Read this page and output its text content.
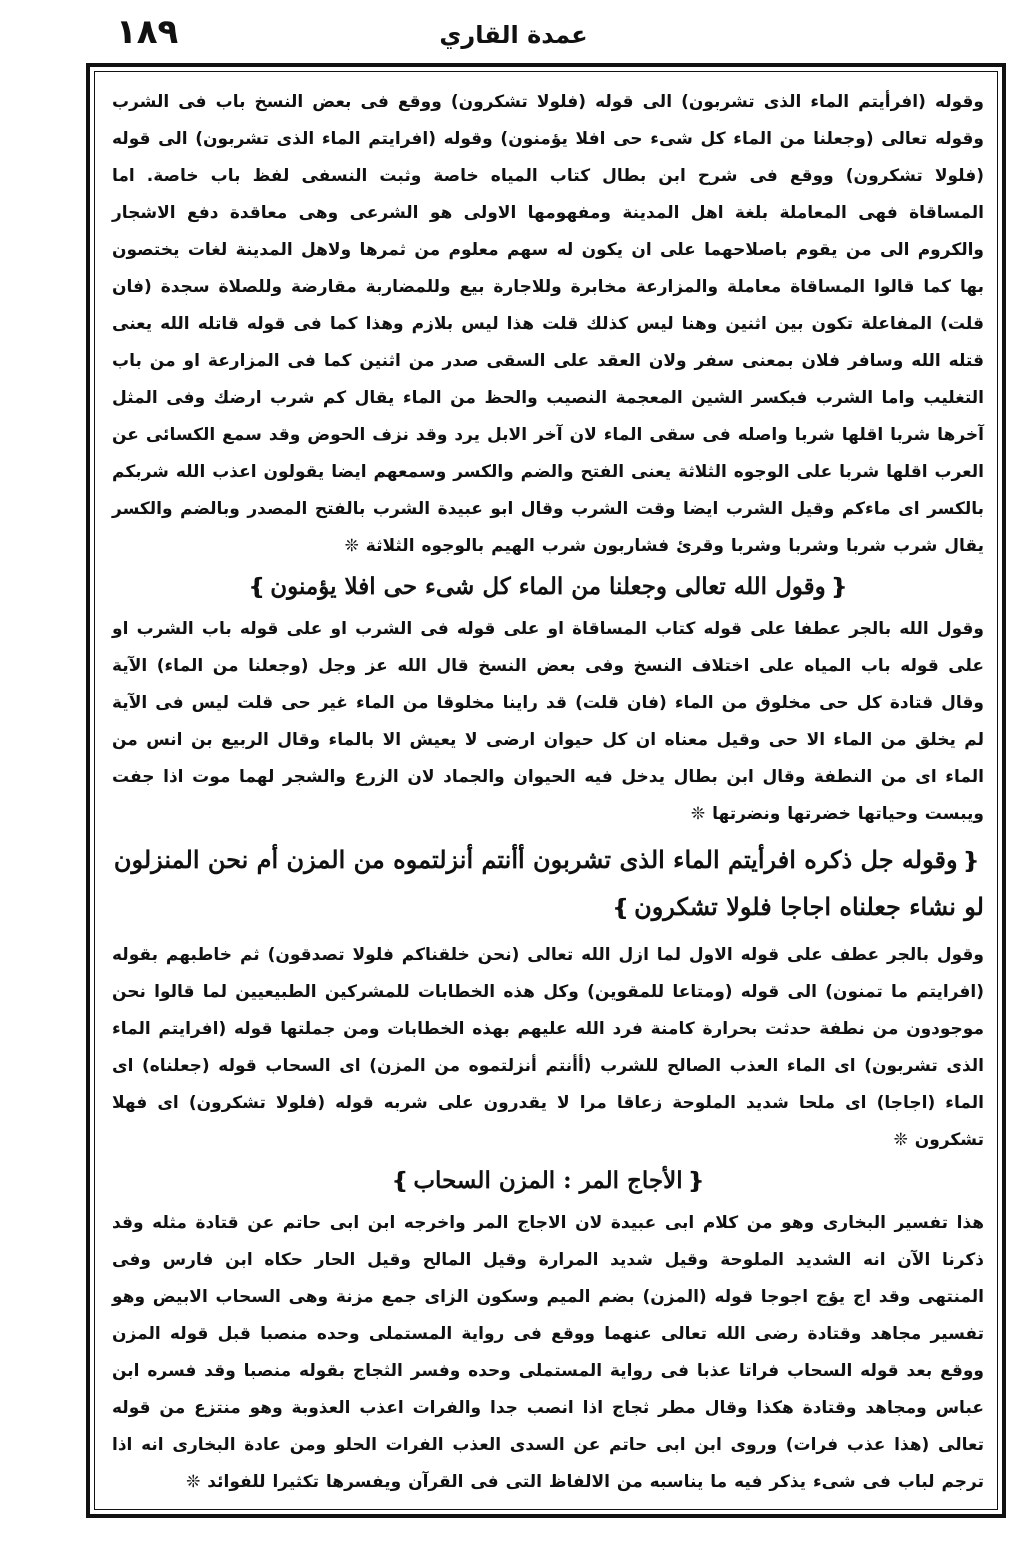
١٨٩	عمدة القاري

وقوله (افرأيتم الماء الذى تشربون) الى قوله (فلولا تشكرون) ووقع فى بعض النسخ باب فى الشرب وقوله تعالى (وجعلنا من الماء كل شىء حى افلا يؤمنون) وقوله (افرايتم الماء الذى تشربون) الى قوله (فلولا تشكرون) ووقع فى شرح ابن بطال كتاب المياه خاصة وثبت النسفى لفظ باب خاصة. اما المساقاة فهى المعاملة بلغة اهل المدينة ومفهومها الاولى هو الشرعى وهى معاقدة دفع الاشجار والكروم الى من يقوم باصلاحهما على ان يكون له سهم معلوم من ثمرها ولاهل المدينة لغات يختصون بها كما قالوا المساقاة معاملة والمزارعة مخابرة وللاجارة بيع وللمضاربة مقارضة وللصلاة سجدة (فان قلت) المفاعلة تكون بين اثنين وهنا ليس كذلك قلت هذا ليس بلازم وهذا كما فى قوله قاتله الله يعنى قتله الله وسافر فلان بمعنى سفر ولان العقد على السقى صدر من اثنين كما فى المزارعة او من باب التغليب واما الشرب فبكسر الشين المعجمة النصيب والحظ من الماء يقال كم شرب ارضك وفى المثل آخرها شربا اقلها شربا واصله فى سقى الماء لان آخر الابل يرد وقد نزف الحوض وقد سمع الكسائى عن العرب اقلها شربا على الوجوه الثلاثة يعنى الفتح والضم والكسر وسمعهم ايضا يقولون اعذب الله شربكم بالكسر اى ماءكم وقيل الشرب ايضا وقت الشرب وقال ابو عبيدة الشرب بالفتح المصدر وبالضم والكسر يقال شرب شربا وشربا وشربا وقرئ فشاربون شرب الهيم بالوجوه الثلاثة ❊

❴وقول الله تعالى وجعلنا من الماء كل شىء حى افلا يؤمنون❵

وقول الله بالجر عطفا على قوله كتاب المساقاة او على قوله فى الشرب او على قوله باب الشرب او على قوله باب المياه على اختلاف النسخ وفى بعض النسخ قال الله عز وجل (وجعلنا من الماء) الآية وقال قتادة كل حى مخلوق من الماء (فان قلت) قد راينا مخلوقا من الماء غير حى قلت ليس فى الآية لم يخلق من الماء الا حى وقيل معناه ان كل حيوان ارضى لا يعيش الا بالماء وقال الربيع بن انس من الماء اى من النطفة وقال ابن بطال يدخل فيه الحيوان والجماد لان الزرع والشجر لهما موت اذا جفت ويبست وحياتها خضرتها ونضرتها ❊

❴وقوله جل ذكره افرأيتم الماء الذى تشربون أأنتم أنزلتموه من المزن أم نحن المنزلون لو نشاء جعلناه اجاجا فلولا تشكرون❵

وقول بالجر عطف على قوله الاول لما ازل الله تعالى (نحن خلقناكم فلولا تصدقون) ثم خاطبهم بقوله (افرايتم ما تمنون) الى قوله (ومتاعا للمقوين) وكل هذه الخطابات للمشركين الطبيعيين لما قالوا نحن موجودون من نطفة حدثت بحرارة كامنة فرد الله عليهم بهذه الخطابات ومن جملتها قوله (افرايتم الماء الذى تشربون) اى الماء العذب الصالح للشرب (أأنتم أنزلتموه من المزن) اى السحاب قوله (جعلناه) اى الماء (اجاجا) اى ملحا شديد الملوحة زعاقا مرا لا يقدرون على شربه قوله (فلولا تشكرون) اى فهلا تشكرون ❊

❴الأجاج المر : المزن السحاب❵

هذا تفسير البخارى وهو من كلام ابى عبيدة لان الاجاج المر واخرجه ابن ابى حاتم عن قتادة مثله وقد ذكرنا الآن انه الشديد الملوحة وقيل شديد المرارة وقيل المالح وقيل الحار حكاه ابن فارس وفى المنتهى وقد اج يؤج اجوجا قوله (المزن) بضم الميم وسكون الزاى جمع مزنة وهى السحاب الابيض وهو تفسير مجاهد وقتادة رضى الله تعالى عنهما ووقع فى رواية المستملى وحده منصبا قبل قوله المزن ووقع بعد قوله السحاب فراتا عذبا فى رواية المستملى وحده وفسر الثجاج بقوله منصبا وقد فسره ابن عباس ومجاهد وقتادة هكذا وقال مطر ثجاج اذا انصب جدا والفرات اعذب العذوبة وهو منتزع من قوله تعالى (هذا عذب فرات) وروى ابن ابى حاتم عن السدى العذب الفرات الحلو ومن عادة البخارى انه اذا ترجم لباب فى شىء يذكر فيه ما يناسبه من الالفاظ التى فى القرآن ويفسرها تكثيرا للفوائد ❊
